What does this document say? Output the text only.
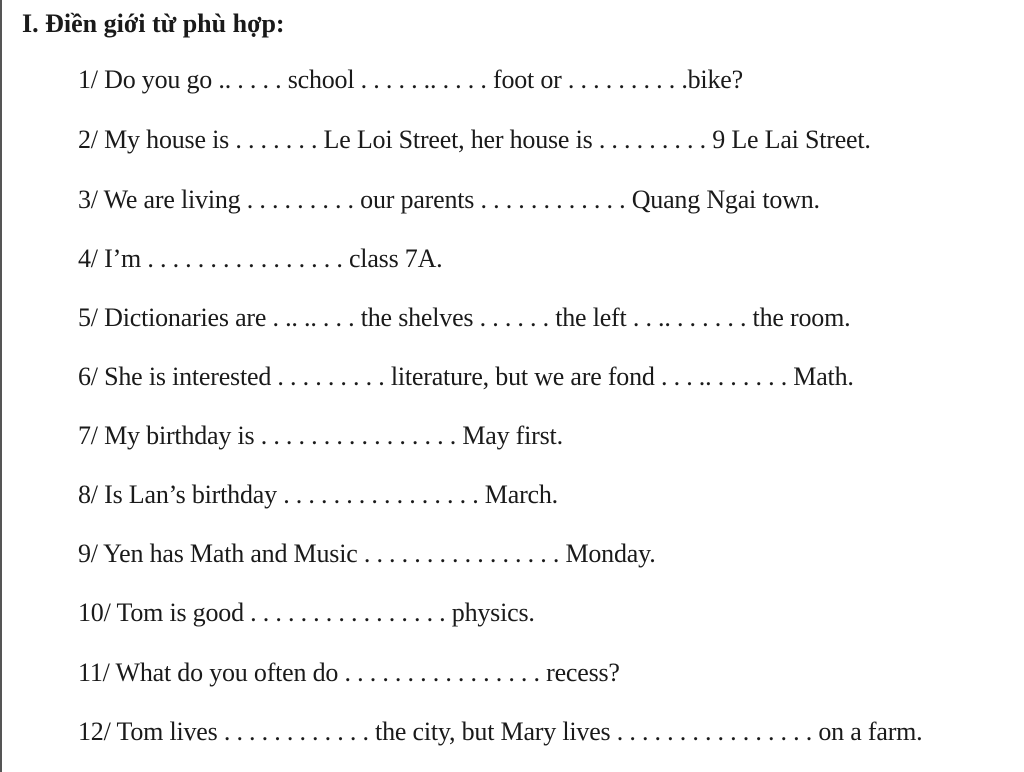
I. Điền giới từ phù hợp:
1/ Do you go .. . . . . school . . . . . .. . . . . foot or . . . . . . . . . .bike?
2/ My house is . . . . . . . Le Loi Street, her house is . . . . . . . . . 9 Le Lai Street.
3/ We are living . . . . . . . . . our parents . . . . . . . . . . . . Quang Ngai town.
4/ I’m . . . . . . . . . . . . . . . . class 7A.
5/ Dictionaries are . .. .. . . . the shelves . . . . . . the left . . .. . . . . . . the room.
6/ She is interested . . . . . . . . . literature, but we are fond . . . .. . . . . . . Math.
7/ My birthday is . . . . . . . . . . . . . . . . May first.
8/ Is Lan’s birthday . . . . . . . . . . . . . . . . March.
9/ Yen has Math and Music . . . . . . . . . . . . . . . . Monday.
10/ Tom is good . . . . . . . . . . . . . . . . physics.
11/ What do you often do . . . . . . . . . . . . . . . . recess?
12/ Tom lives . . . . . . . . . . . . the city, but Mary lives . . . . . . . . . . . . . . . . on a farm.
